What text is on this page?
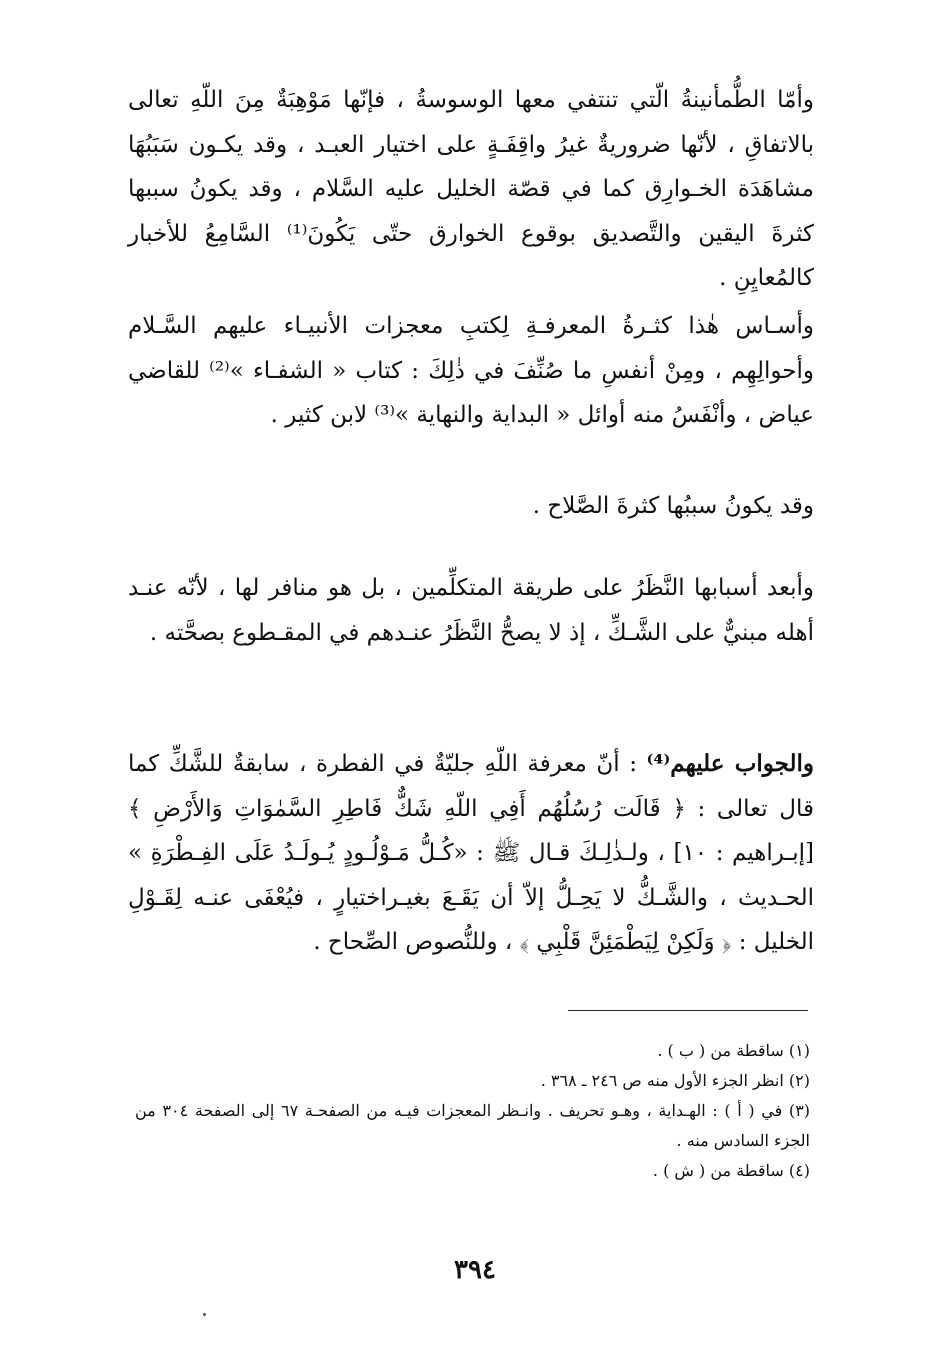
وأمّا الطُّمأنينةُ الّتي تنتفي معها الوسوسةُ ، فإنّها مَوْهِبَةٌ مِنَ اللّهِ تعالى بالاتفاقِ ، لأنّها ضروريةٌ غيرُ واقِفَـةٍ على اختيار العبـد ، وقد يكـون سَبَبُهَا مشاهَدَة الخـوارِق كما في قصّة الخليل عليه السَّلام ، وقد يكونُ سببها كثرةَ اليقين والتَّصديق بوقوع الخوارق حتّى يَكُونَ⁽¹⁾ السَّامِعُ للأخبار كالمُعايِنِ .
وأسـاس هٰذا كثـرةُ المعرفـةِ لِكتبِ معجزات الأنبيـاء عليهم السَّـلام وأحوالِهِم ، ومِنْ أنفسِ ما صُنِّفَ في ذٰلِكَ : كتاب « الشفـاء »⁽²⁾ للقاضي عياض ، وأنْفَسُ منه أوائل « البداية والنهاية »⁽³⁾ لابن كثير .
وقد يكونُ سببُها كثرةَ الصَّلاح .
وأبعد أسبابها النَّظَرُ على طريقة المتكلِّمين ، بل هو منافر لها ، لأنّه عنـد أهله مبنيٌّ على الشَّـكِّ ، إذ لا يصحُّ النَّظَرُ عنـدهم في المقـطوع بصحَّته .
والجواب عليهم⁽⁴⁾ : أنّ معرفة اللّهِ جليّةٌ في الفطرة ، سابقةٌ للشَّكِّ كما قال تعالى : ﴿ قَالَت رُسُلُهُم أَفِي اللّهِ شَكٌّ فَاطِرِ السَّمٰوَاتِ وَالأَرْضِ ﴾ [إبـراهيم : ١٠] ، ولـذٰلِـكَ قـال ﷺ : «كُـلُّ مَـوْلُـودٍ يُـولَـدُ عَلَى الفِـطْرَةِ » الحـديث ، والشَّـكُّ لا يَحِـلُّ إلاّ أن يَقَـعَ بغيـراختيارٍ ، فيُعْفَى عنـه لِقَـوْلِ الخليل : ﴿ وَلَكِنْ لِيَطْمَئِنَّ قَلْبِي ﴾ ، وللنُّصوص الصِّحاح .

(١) ساقطة من ( ب ) .

(٢) انظر الجزء الأول منه ص ٢٤٦ ـ ٣٦٨ .

(٣) في ( أ ) : الهـداية ، وهـو تحريف . وانـظر المعجزات فيـه من الصفحـة ٦٧ إلى الصفحة ٣٠٤ من الجزء السادس منه .

(٤) ساقطة من ( ش ) .

٣٩٤
